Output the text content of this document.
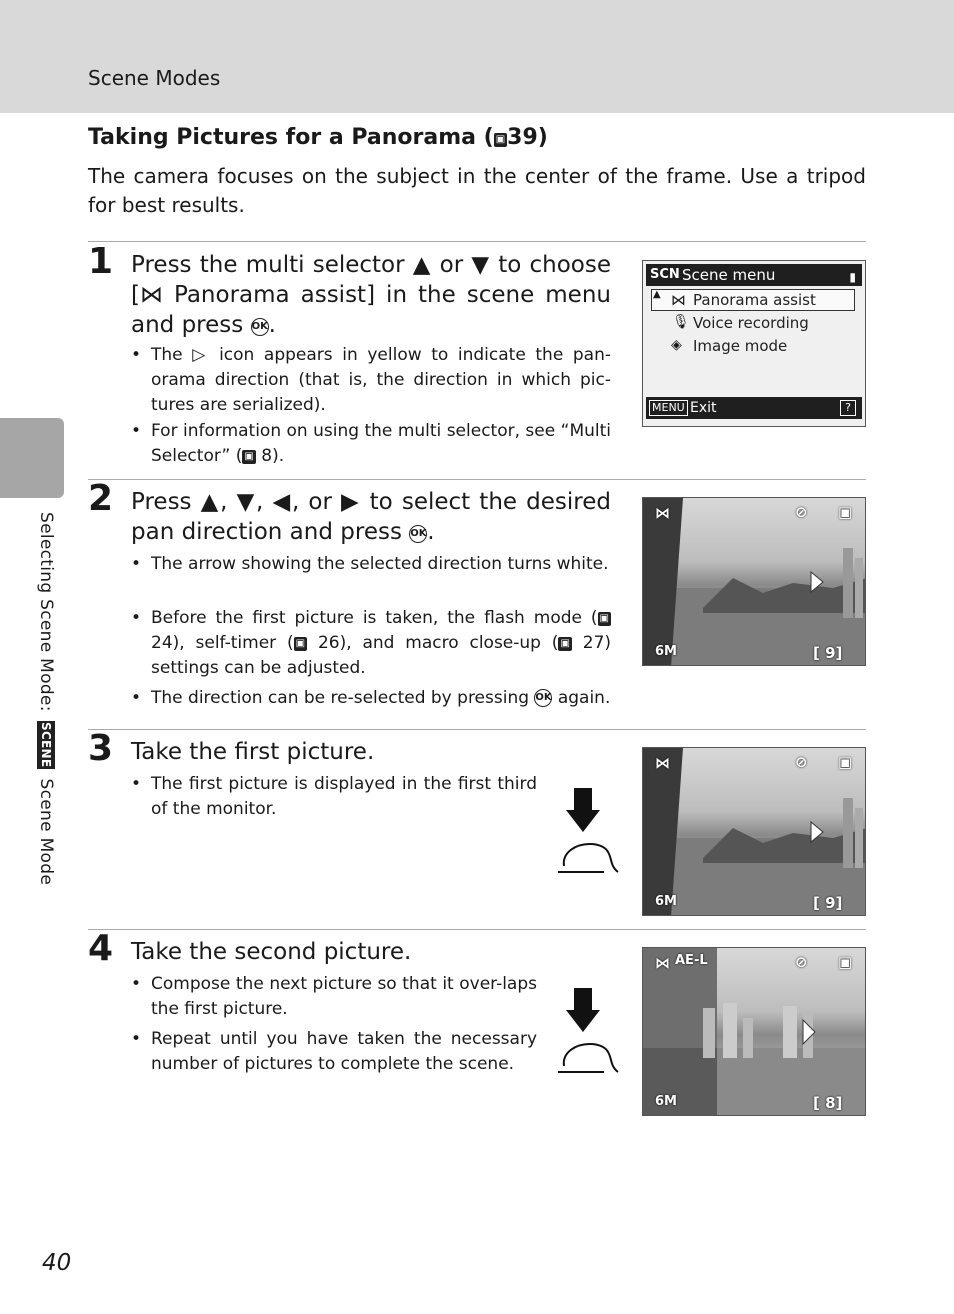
Scene Modes
Selecting Scene Mode: SCENE Scene Mode
Taking Pictures for a Panorama ( ▣39)
The camera focuses on the subject in the center of the frame. Use a tripod for best results.
1 Press the multi selector ▲ or ▼ to choose [⋈ Panorama assist] in the scene menu and press OK.
• The ▷ icon appears in yellow to indicate the pan-orama direction (that is, the direction in which pic-tures are serialized).
• For information on using the multi selector, see “Multi Selector” ( ▣ 8).
SCN Scene menu	▮
▲ ⋈ Panorama assist
🎙 Voice recording
◈ Image mode
MENU Exit	?
2 Press ▲, ▼, ◀, or ▶ to select the desired pan direction and press OK.
• The arrow showing the selected direction turns white.
• Before the first picture is taken, the flash mode ( ▣ 24), self-timer ( ▣ 26), and macro close-up ( ▣ 27) settings can be adjusted.
• The direction can be re-selected by pressing OK again.
⋈	⊘ ▣
6M	[ 9]
3 Take the first picture.
• The first picture is displayed in the first third of the monitor.
⋈	⊘ ▣
6M	[ 9]
4 Take the second picture.
• Compose the next picture so that it over-laps the first picture.
• Repeat until you have taken the necessary number of pictures to complete the scene.
⋈ AE-L	⊘ ▣
6M	[ 8]
40
